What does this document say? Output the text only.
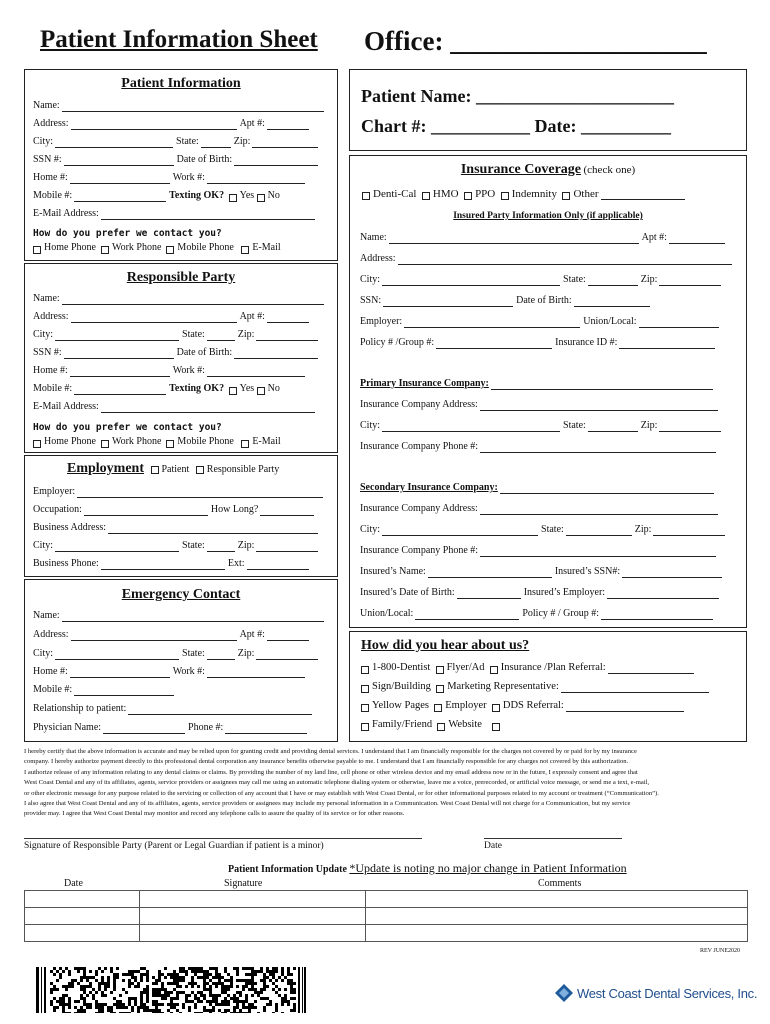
Patient Information Sheet Office: ___________________
Patient Information
Name:
Address:	Apt #:
City:	State:	Zip:
SSN #:	Date of Birth:
Home #:	Work #:
Mobile #:	Texting OK?
Yes
No
E-Mail Address:
How do you prefer we contact you?
Home Phone
Work Phone
Mobile Phone
E-Mail
Responsible Party
Name:
Address:	Apt #:
City:	State:	Zip:
SSN #:	Date of Birth:
Home #:	Work #:
Mobile #:	Texting OK?
Yes
No
E-Mail Address:
How do you prefer we contact you?
Home Phone
Work Phone
Mobile Phone
E-Mail
Employment Patient Responsible Party
Employer:
Occupation:	How Long?
Business Address:
City:	State:	Zip:
Business Phone:	Ext:
Emergency Contact
Name:
Address:	Apt #:
City:	State:	Zip:
Home #:	Work #:
Mobile #:
Relationship to patient:
Physician Name:	Phone #:
Patient Name: ______________________
Chart #: ___________ Date: __________
Insurance Coverage (check one)
Denti-Cal
HMO
PPO
Indemnity
Other
Insured Party Information Only (if applicable)
Name:	Apt #:
Address:
City:	State:	Zip:
SSN:	Date of Birth:
Employer:	Union/Local:
Policy # /Group #:	Insurance ID #:
Primary Insurance Company:
Insurance Company Address:
City:	State:	Zip:
Insurance Company Phone #:
Secondary Insurance Company:
Insurance Company Address:
City:	State:	Zip:
Insurance Company Phone #:
Insured’s Name:	Insured’s SSN#:
Insured’s Date of Birth:	Insured’s Employer:
Union/Local:	Policy # / Group #:
How did you hear about us?
1-800-Dentist
Flyer/Ad
Insurance /Plan Referral:
Sign/Building
Marketing Representative:
Yellow Pages
Employer
DDS Referral:
Family/Friend
Website

I hereby certify that the above information is accurate and may be relied upon for granting credit and providing dental services. I understand that I am financially responsible for the charges not covered by or paid for by my insurance
company. I hereby authorize payment directly to this professional dental corporation any insurance benefits otherwise payable to me. I understand that I am financially responsible for any charges not covered by this authorization.
I authorize release of any information relating to any dental claims or claims. By providing the number of my land line, cell phone or other wireless device and my email address now or in the future, I expressly consent and agree that
West Coast Dental and any of its affiliates, agents, service providers or assignees may call me using an automatic telephone dialing system or otherwise, leave me a voice, prerecorded, or artificial voice message, or send me a text, e-mail,
or other electronic message for any purpose related to the servicing or collection of any account that I have or may establish with West Coast Dental, or for other informational purposes related to my account or treatment (“Communication”).
I also agree that West Coast Dental and any of its affiliates, agents, service providers or assignees may include my personal information in a Communication. West Coast Dental will not charge for a Communication, but my service
provider may. I agree that West Coast Dental may monitor and record any telephone calls to assure the quality of its service or for other reasons.
Signature of Responsible Party (Parent or Legal Guardian if patient is a minor)	Date
Patient Information Update *Update is noting no major change in Patient Information
Date	Signature	Comments

REV JUNE2020
West Coast Dental Services, Inc.
